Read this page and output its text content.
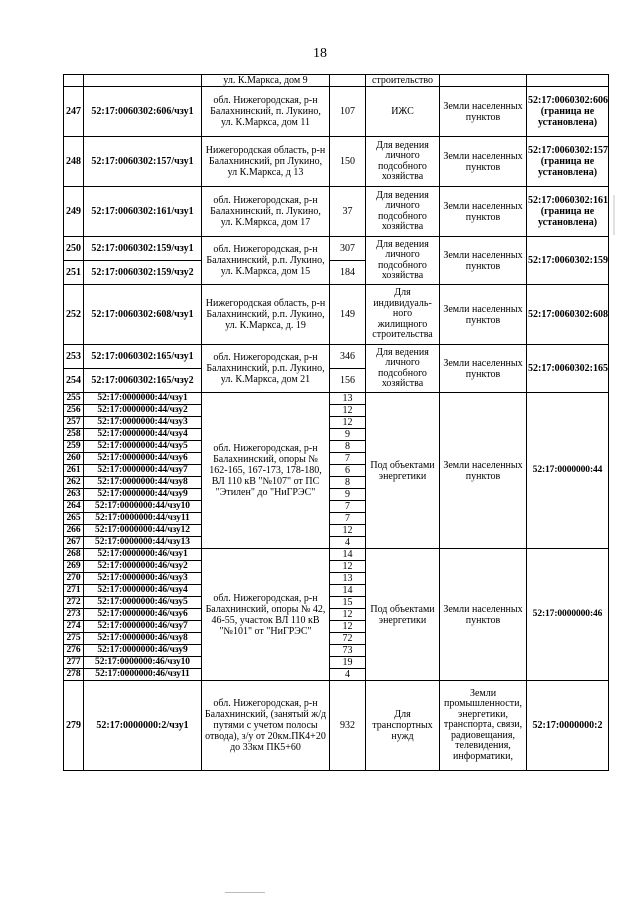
18
		ул. К.Маркса, дом 9		строительство		
247	52:17:0060302:606/чзу1	обл. Нижегородская, р-н Балахнинский, п. Лукино, ул. К.Маркса, дом 11	107	ИЖС	Земли населенных пунктов	52:17:0060302:606 (граница не установлена)
248	52:17:0060302:157/чзу1	Нижегородская область, р-н Балахнинский, рп Лукино, ул К.Маркса, д 13	150	Для ведения личного подсобного хозяйства	Земли населенных пунктов	52:17:0060302:157 (граница не установлена)
249	52:17:0060302:161/чзу1	обл. Нижегородская, р-н Балахнинский, п. Лукино, ул. К.Мяркса, дом 17	37	Для ведения личного подсобного хозяйства	Земли населенных пунктов	52:17:0060302:161 (граница не установлена)
250	52:17:0060302:159/чзу1	обл. Нижегородская, р-н Балахнинский, р.п. Лукино, ул. К.Маркса, дом 15	307	Для ведения личного подсобного хозяйства	Земли населенных пунктов	52:17:0060302:159
251	52:17:0060302:159/чзу2		184			
252	52:17:0060302:608/чзу1	Нижегородская область, р-н Балахнинский, р.п. Лукино, ул. К.Маркса, д. 19	149	Для индивидуаль-ного жилищного строительства	Земли населенных пунктов	52:17:0060302:608
253	52:17:0060302:165/чзу1	обл. Нижегородская, р-н Балахнинский, р.п. Лукино, ул. К.Маркса, дом 21	346	Для ведения личного подсобного хозяйства	Земли населенных пунктов	52:17:0060302:165
254	52:17:0060302:165/чзу2		156			
255	52:17:0000000:44/чзу1	обл. Нижегородская, р-н Балахнинский, опоры № 162-165, 167-173, 178-180, ВЛ 110 кВ "№107" от ПС "Этилен" до "НиГРЭС"	13	Под объектами энергетики	Земли населенных пунктов	52:17:0000000:44
256	52:17:0000000:44/чзу2		12			
257	52:17:0000000:44/чзу3		12			
258	52:17:0000000:44/чзу4		9			
259	52:17:0000000:44/чзу5		8			
260	52:17:0000000:44/чзу6		7			
261	52:17:0000000:44/чзу7		6			
262	52:17:0000000:44/чзу8		8			
263	52:17:0000000:44/чзу9		9			
264	52:17:0000000:44/чзу10		7			
265	52:17:0000000:44/чзу11		7			
266	52:17:0000000:44/чзу12		12			
267	52:17:0000000:44/чзу13		4			
268	52:17:0000000:46/чзу1	обл. Нижегородская, р-н Балахнинский, опоры № 42, 46-55, участок ВЛ 110 кВ "№101" от "НиГРЭС"	14	Под объектами энергетики	Земли населенных пунктов	52:17:0000000:46
269	52:17:0000000:46/чзу2		12			
270	52:17:0000000:46/чзу3		13			
271	52:17:0000000:46/чзу4		14			
272	52:17:0000000:46/чзу5		15			
273	52:17:0000000:46/чзу6		12			
274	52:17:0000000:46/чзу7		12			
275	52:17:0000000:46/чзу8		72			
276	52:17:0000000:46/чзу9		73			
277	52:17:0000000:46/чзу10		19			
278	52:17:0000000:46/чзу11		4			
279	52:17:0000000:2/чзу1	обл. Нижегородская, р-н Балахнинский, (занятый ж/д путями с учетом полосы отвода), з/у от 20км.ПК4+20 до 33км ПК5+60	932	Для транспортных нужд	Земли промышленности, энергетики, транспорта, связи, радиовещания, телевидения, информатики,	52:17:0000000:2
